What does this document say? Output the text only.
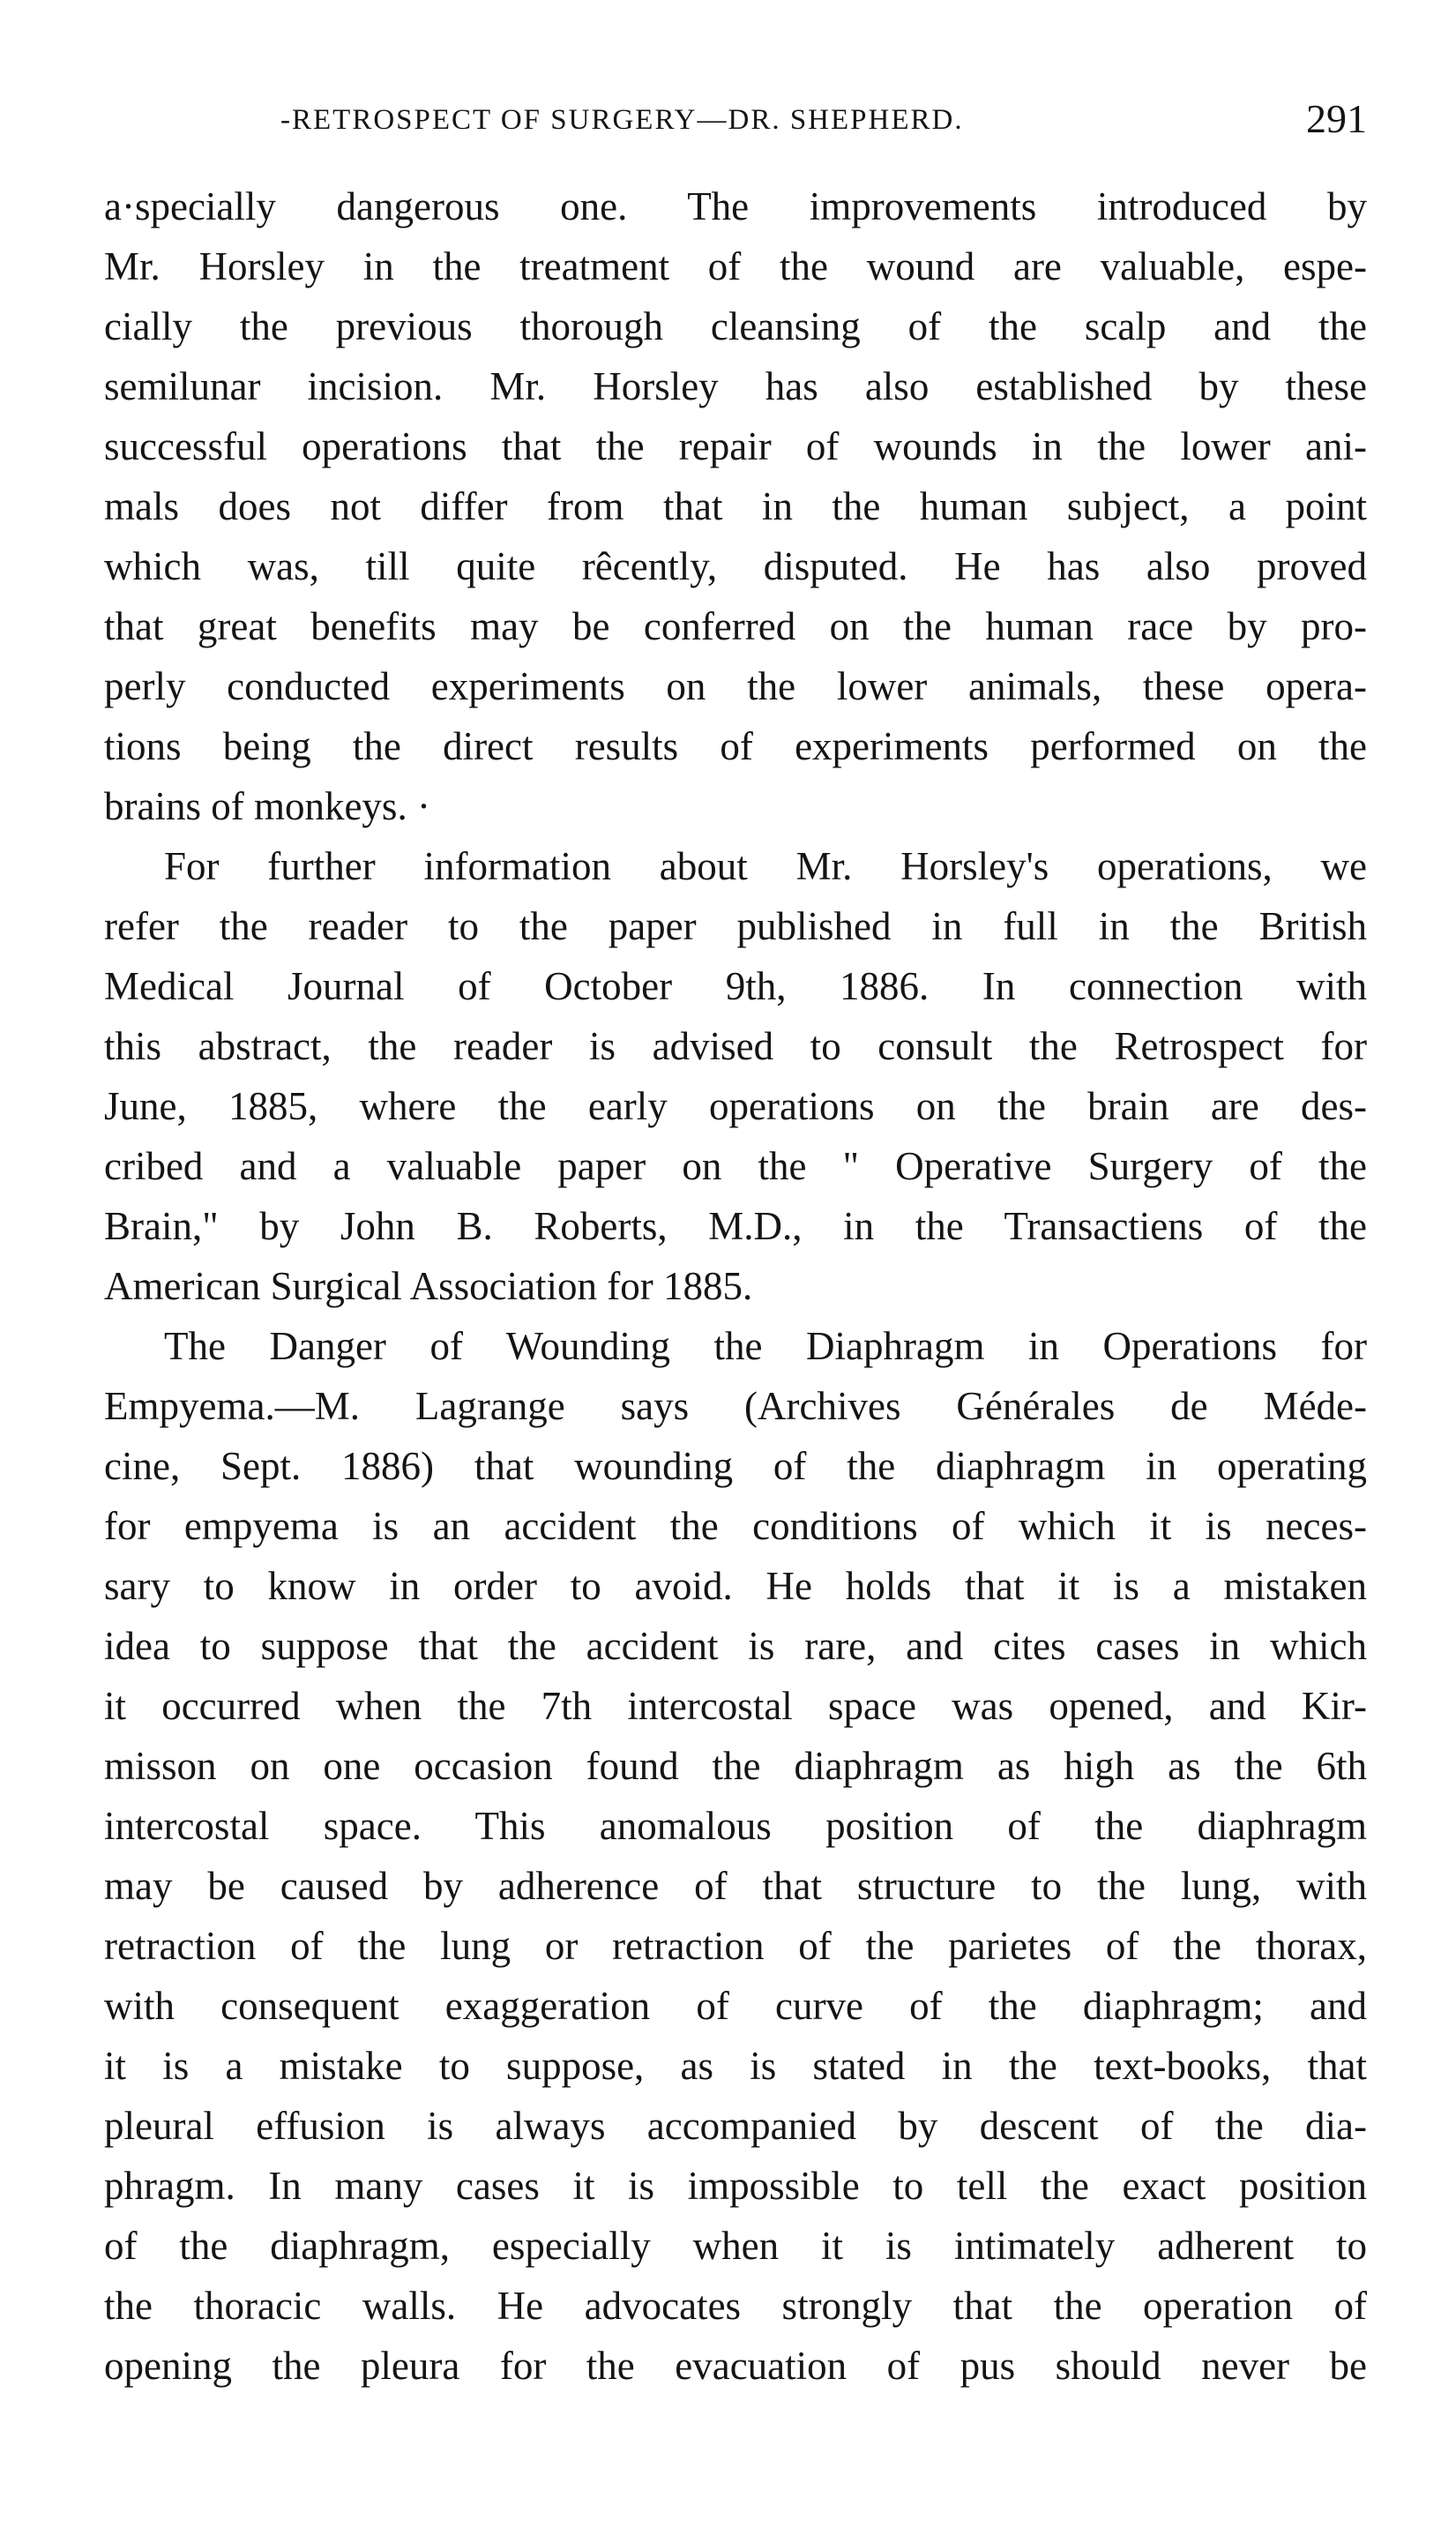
-RETROSPECT OF SURGERY—DR. SHEPHERD.	291

a·specially dangerous one. The improvements introduced by
Mr. Horsley in the treatment of the wound are valuable, espe-
cially the previous thorough cleansing of the scalp and the
semilunar incision. Mr. Horsley has also established by these
successful operations that the repair of wounds in the lower ani-
mals does not differ from that in the human subject, a point
which was, till quite rêcently, disputed. He has also proved
that great benefits may be conferred on the human race by pro-
perly conducted experiments on the lower animals, these opera-
tions being the direct results of experiments performed on the
brains of monkeys. ·

For further information about Mr. Horsley's operations, we
refer the reader to the paper published in full in the British
Medical Journal of October 9th, 1886. In connection with
this abstract, the reader is advised to consult the Retrospect for
June, 1885, where the early operations on the brain are des-
cribed and a valuable paper on the " Operative Surgery of the
Brain," by John B. Roberts, M.D., in the Transactiens of the
American Surgical Association for 1885.

The Danger of Wounding the Diaphragm in Operations for
Empyema.—M. Lagrange says (Archives Générales de Méde-
cine, Sept. 1886) that wounding of the diaphragm in operating
for empyema is an accident the conditions of which it is neces-
sary to know in order to avoid. He holds that it is a mistaken
idea to suppose that the accident is rare, and cites cases in which
it occurred when the 7th intercostal space was opened, and Kir-
misson on one occasion found the diaphragm as high as the 6th
intercostal space. This anomalous position of the diaphragm
may be caused by adherence of that structure to the lung, with
retraction of the lung or retraction of the parietes of the thorax,
with consequent exaggeration of curve of the diaphragm; and
it is a mistake to suppose, as is stated in the text-books, that
pleural effusion is always accompanied by descent of the dia-
phragm. In many cases it is impossible to tell the exact position
of the diaphragm, especially when it is intimately adherent to
the thoracic walls. He advocates strongly that the operation of
opening the pleura for the evacuation of pus should never be
